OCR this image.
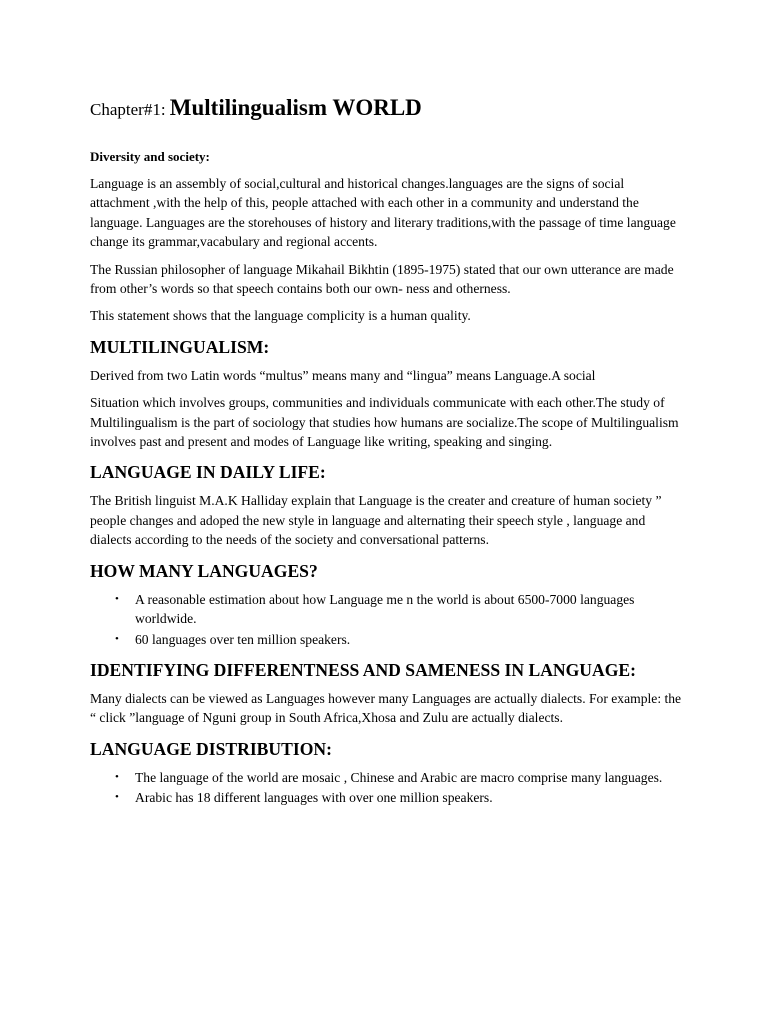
Chapter#1: Multilingualism WORLD
Diversity and society:

Language is an assembly of social,cultural and historical changes.languages are the signs of social attachment ,with the help of this, people attached with each other in a community and understand the language. Languages are the storehouses of history and literary traditions,with the passage of time language change its grammar,vacabulary and regional accents.

The Russian philosopher of language Mikahail Bikhtin (1895-1975) stated that our own utterance are made from other’s words so that speech contains both our own- ness and otherness.

This statement shows that the language complicity is a human quality.

MULTILINGUALISM:

Derived from two Latin words “multus” means many and “lingua” means Language.A social

Situation which involves groups, communities and individuals communicate with each other.The study of Multilingualism is the part of sociology that studies how humans are socialize.The scope of Multilingualism involves past and present and modes of Language like writing, speaking and singing.

LANGUAGE IN DAILY LIFE:

The British linguist M.A.K Halliday explain that Language is the creater and creature of human society ” people changes and adoped the new style in language and alternating their speech style , language and dialects according to the needs of the society and conversational patterns.

HOW MANY LANGUAGES?
• A reasonable estimation about how Language me n the world is about 6500-7000 languages worldwide.
• 60 languages over ten million speakers.
IDENTIFYING DIFFERENTNESS AND SAMENESS IN LANGUAGE:

Many dialects can be viewed as Languages however many Languages are actually dialects. For example: the “ click ”language of Nguni group in South Africa,Xhosa and Zulu are actually dialects.

LANGUAGE DISTRIBUTION:
• The language of the world are mosaic , Chinese and Arabic are macro comprise many languages.
• Arabic has 18 different languages with over one million speakers.
